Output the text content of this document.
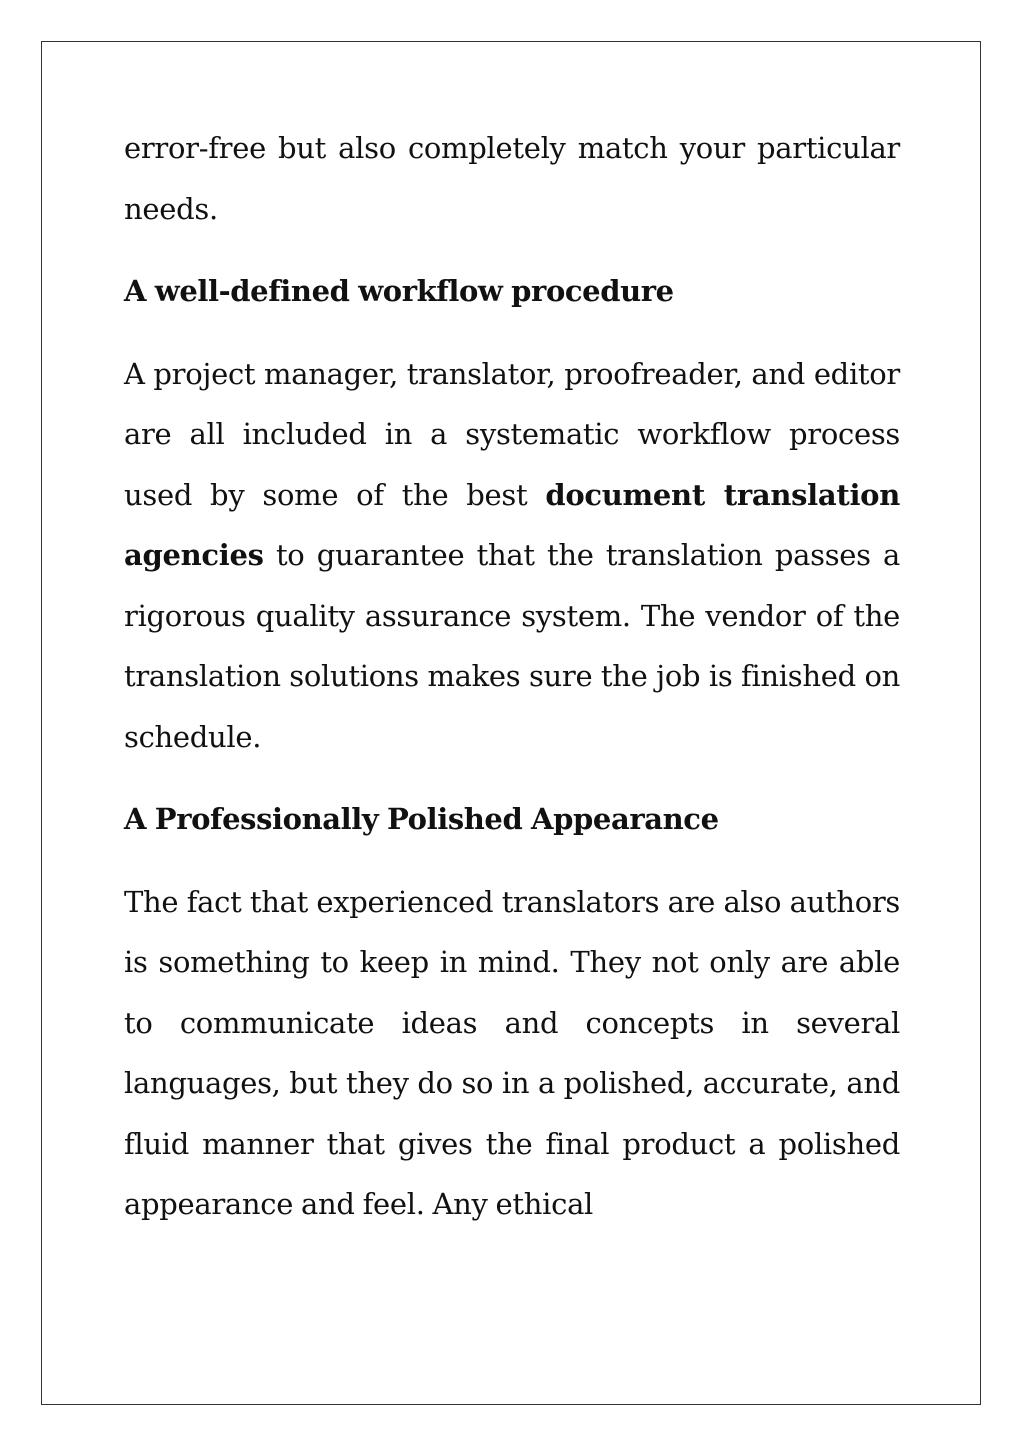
error-free but also completely match your particular needs.

A well-defined workflow procedure

A project manager, translator, proofreader, and editor are all included in a systematic workflow process used by some of the best document translation agencies to guarantee that the translation passes a rigorous quality assurance system. The vendor of the translation solutions makes sure the job is finished on schedule.

A Professionally Polished Appearance

The fact that experienced translators are also authors is something to keep in mind. They not only are able to communicate ideas and concepts in several languages, but they do so in a polished, accurate, and fluid manner that gives the final product a polished appearance and feel. Any ethical
